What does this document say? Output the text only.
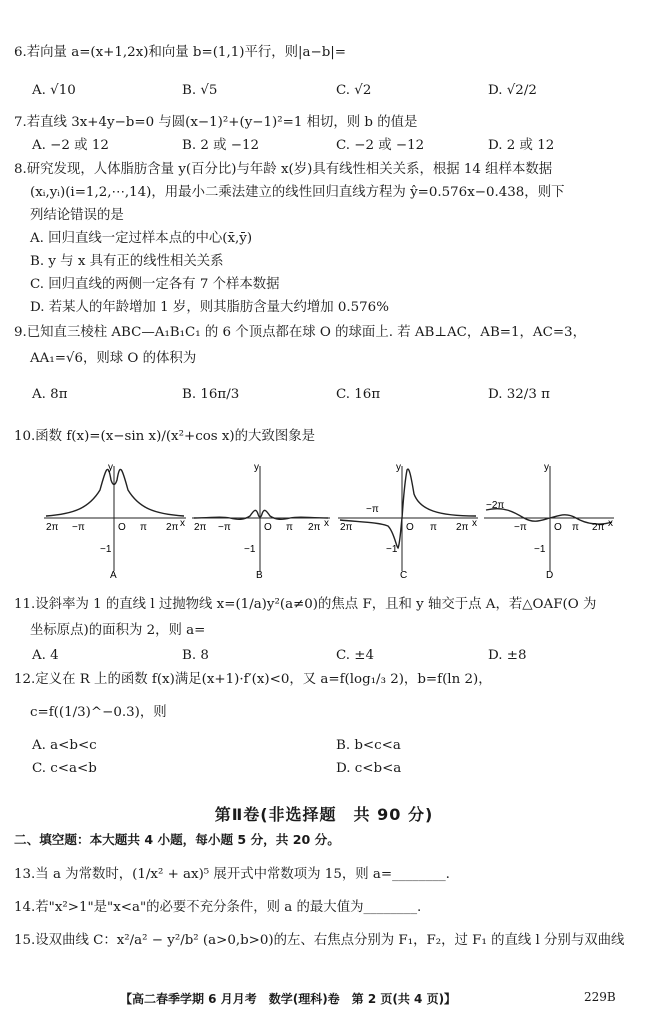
6.若向量 a=(x+1,2x)和向量 b=(1,1)平行，则|a−b|=
A. √10	B. √5	C. √2	D. √2/2
7.若直线 3x+4y−b=0 与圆(x−1)²+(y−1)²=1 相切，则 b 的值是
A. −2 或 12	B. 2 或 −12	C. −2 或 −12	D. 2 或 12
8.研究发现，人体脂肪含量 y(百分比)与年龄 x(岁)具有线性相关关系，根据 14 组样本数据
(xᵢ,yᵢ)(i=1,2,⋯,14)，用最小二乘法建立的线性回归直线方程为 ŷ=0.576x−0.438，则下
列结论错误的是
A. 回归直线一定过样本点的中心(x̄,ȳ)
B. y 与 x 具有正的线性相关关系
C. 回归直线的两侧一定各有 7 个样本数据
D. 若某人的年龄增加 1 岁，则其脂肪含量大约增加 0.576%
9.已知直三棱柱 ABC—A₁B₁C₁ 的 6 个顶点都在球 O 的球面上. 若 AB⊥AC，AB=1，AC=3，
AA₁=√6，则球 O 的体积为
A. 8π	B. 16π/3	C. 16π	D. 32/3 π
10.函数 f(x)=(x−sin x)/(x²+cos x)的大致图象是
y
O
2π −π	π 2π x
−1
A
y
O
2π −π	π 2π x
−1
B
y
O
2π
−π
π 2π x
−1
C
y
O
−2π
−π	π 2π x
−1
D
11.设斜率为 1 的直线 l 过抛物线 x=(1/a)y²(a≠0)的焦点 F，且和 y 轴交于点 A，若△OAF(O 为
坐标原点)的面积为 2，则 a=
A. 4	B. 8	C. ±4	D. ±8
12.定义在 R 上的函数 f(x)满足(x+1)·f′(x)<0，又 a=f(log₁/₃ 2)，b=f(ln 2)，
c=f((1/3)^−0.3)，则
A. a<b<c	B. b<c<a
C. c<a<b	D. c<b<a
第Ⅱ卷(非选择题　共 90 分)
二、填空题：本大题共 4 小题，每小题 5 分，共 20 分。
13.当 a 为常数时，(1/x² + ax)⁵ 展开式中常数项为 15，则 a=________.
14.若"x²>1"是"x<a"的必要不充分条件，则 a 的最大值为________.
15.设双曲线 C：x²/a² − y²/b² (a>0,b>0)的左、右焦点分别为 F₁，F₂，过 F₁ 的直线 l 分别与双曲线
【高二春季学期 6 月月考　数学(理科)卷　第 2 页(共 4 页)】	229B
